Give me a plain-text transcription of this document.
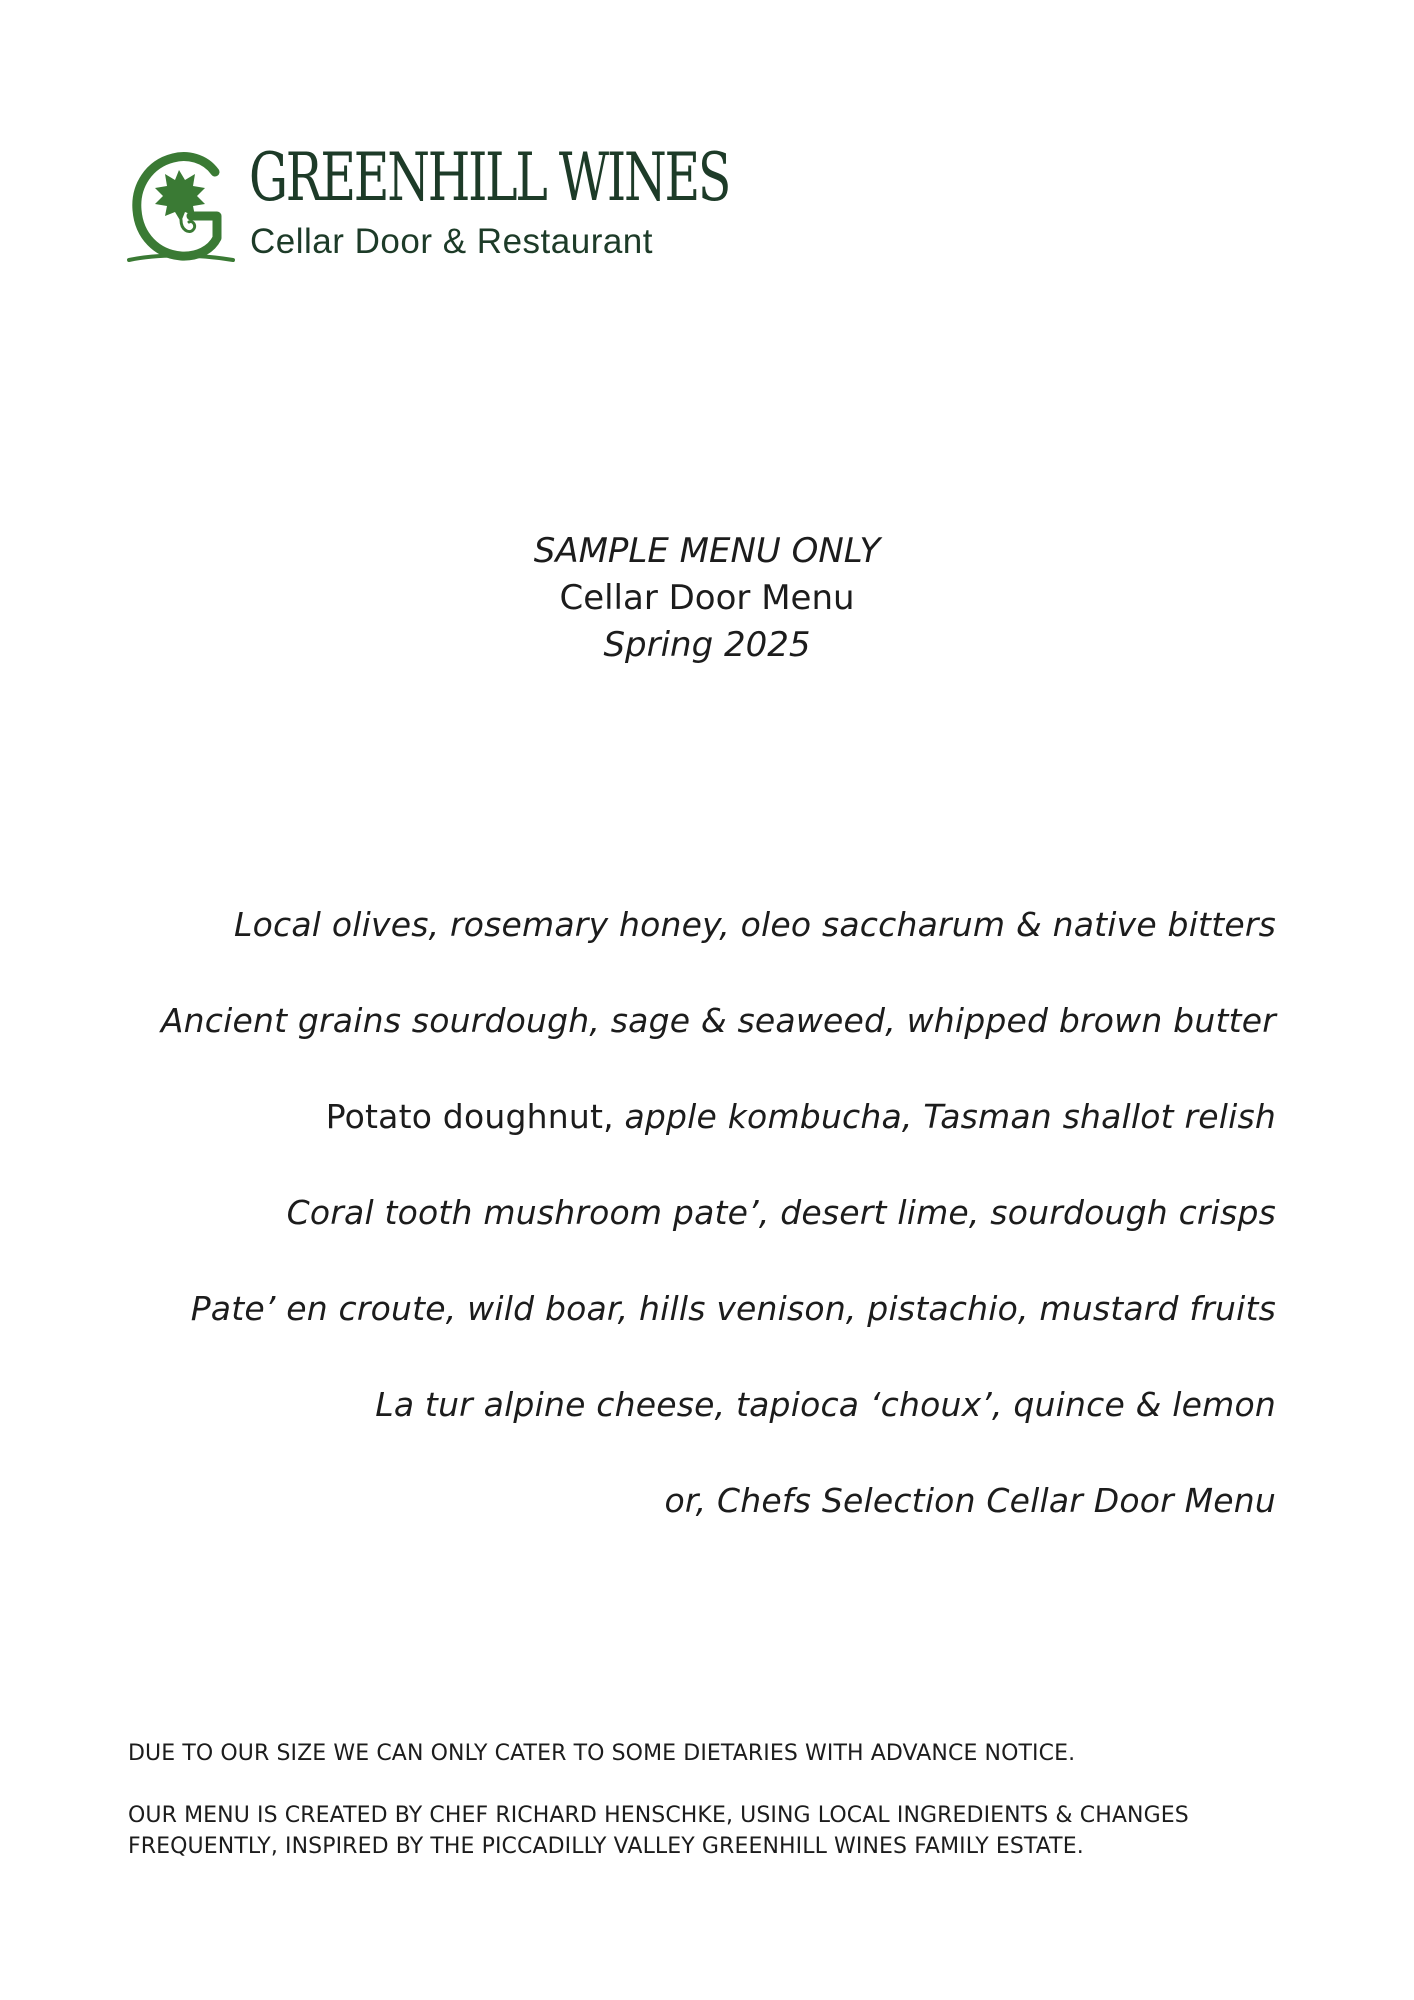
GREENHILL WINES
Cellar Door & Restaurant
SAMPLE MENU ONLY
Cellar Door Menu
Spring 2025
Local olives, rosemary honey, oleo saccharum & native bitters
Ancient grains sourdough, sage & seaweed, whipped brown butter
Potato doughnut, apple kombucha, Tasman shallot relish
Coral tooth mushroom pate’, desert lime, sourdough crisps
Pate’ en croute, wild boar, hills venison, pistachio, mustard fruits
La tur alpine cheese, tapioca ‘choux’, quince & lemon
or, Chefs Selection Cellar Door Menu
DUE TO OUR SIZE WE CAN ONLY CATER TO SOME DIETARIES WITH ADVANCE NOTICE.
OUR MENU IS CREATED BY CHEF RICHARD HENSCHKE, USING LOCAL INGREDIENTS & CHANGES
FREQUENTLY, INSPIRED BY THE PICCADILLY VALLEY GREENHILL WINES FAMILY ESTATE.
